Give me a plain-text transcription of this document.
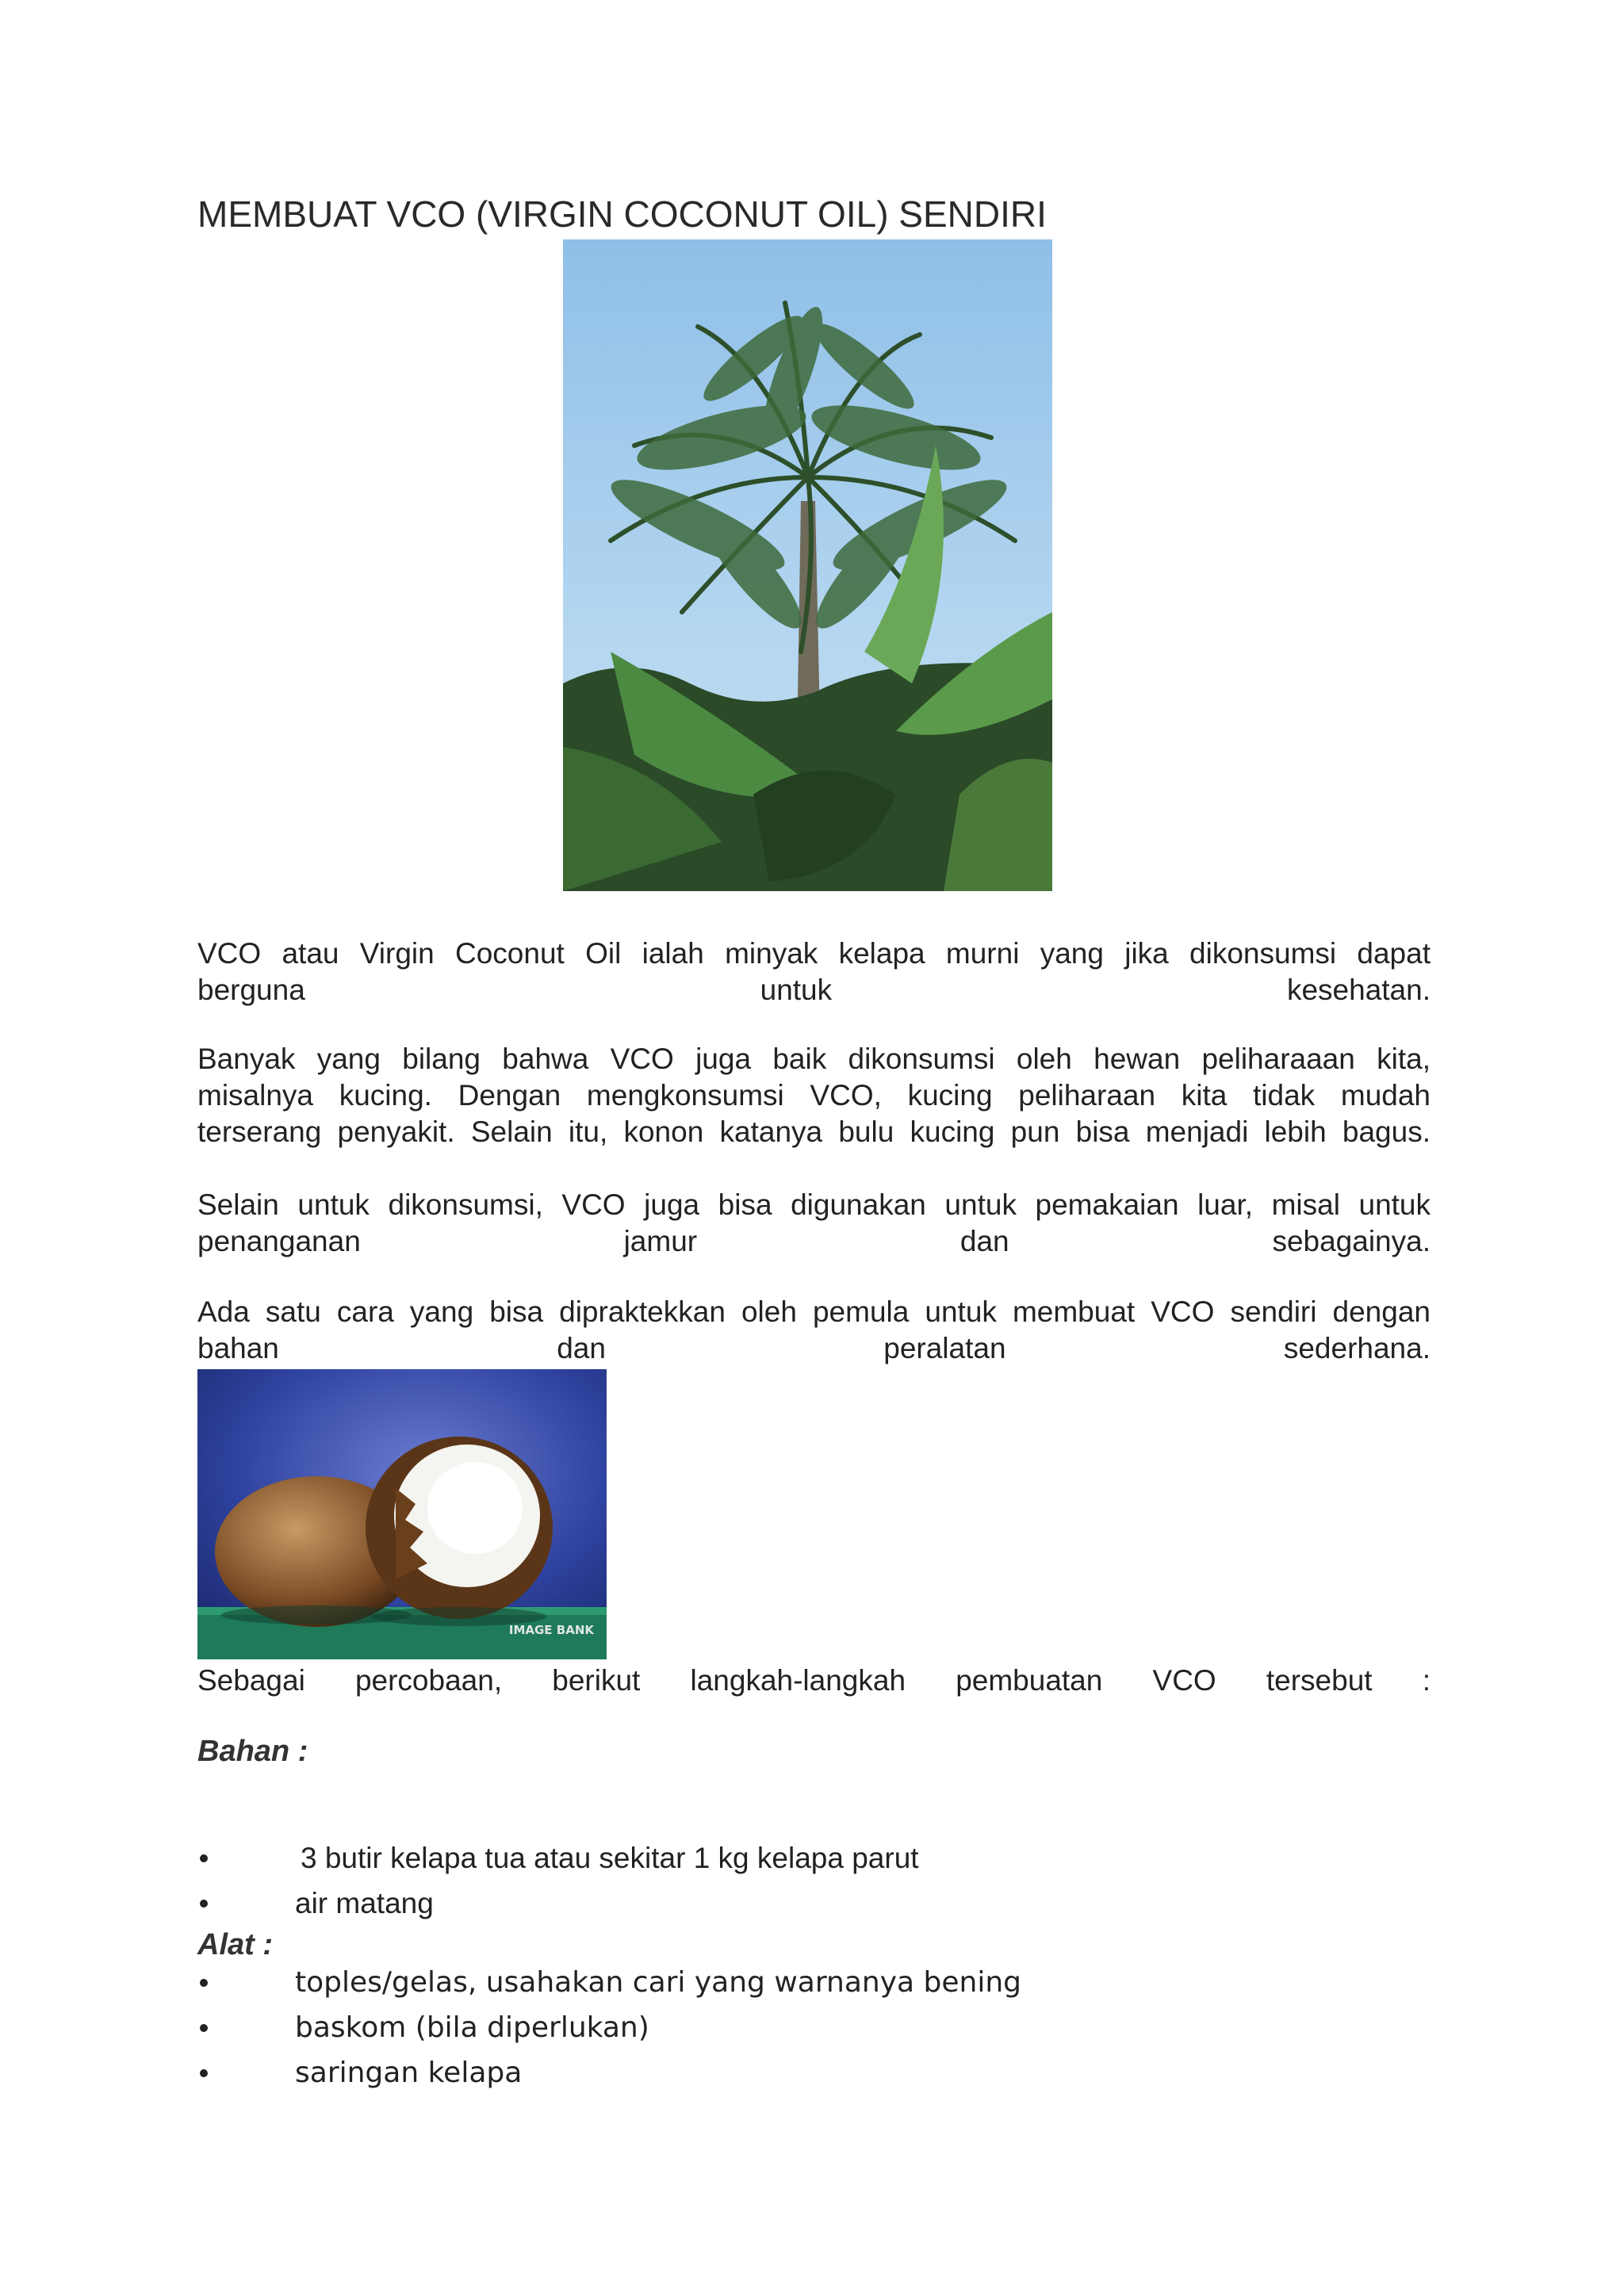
MEMBUAT VCO (VIRGIN COCONUT OIL) SENDIRI

VCO atau Virgin Coconut Oil ialah minyak kelapa murni yang jika dikonsumsi dapat
berguna untuk kesehatan.

Banyak yang bilang bahwa VCO juga baik dikonsumsi oleh hewan peliharaaan kita,
misalnya kucing. Dengan mengkonsumsi VCO, kucing peliharaan kita tidak mudah
terserang penyakit. Selain itu, konon katanya bulu kucing pun bisa menjadi lebih bagus.

Selain untuk dikonsumsi, VCO juga bisa digunakan untuk pemakaian luar, misal untuk
penanganan jamur dan sebagainya.

Ada satu cara yang bisa dipraktekkan oleh pemula untuk membuat VCO sendiri dengan
bahan dan peralatan sederhana.

IMAGE BANK

Sebagai percobaan, berikut langkah-langkah pembuatan VCO tersebut :

Bahan :
3 butir kelapa tua atau sekitar 1 kg kelapa parut
air matang
Alat :
toples/gelas, usahakan cari yang warnanya bening
baskom (bila diperlukan)
saringan kelapa
